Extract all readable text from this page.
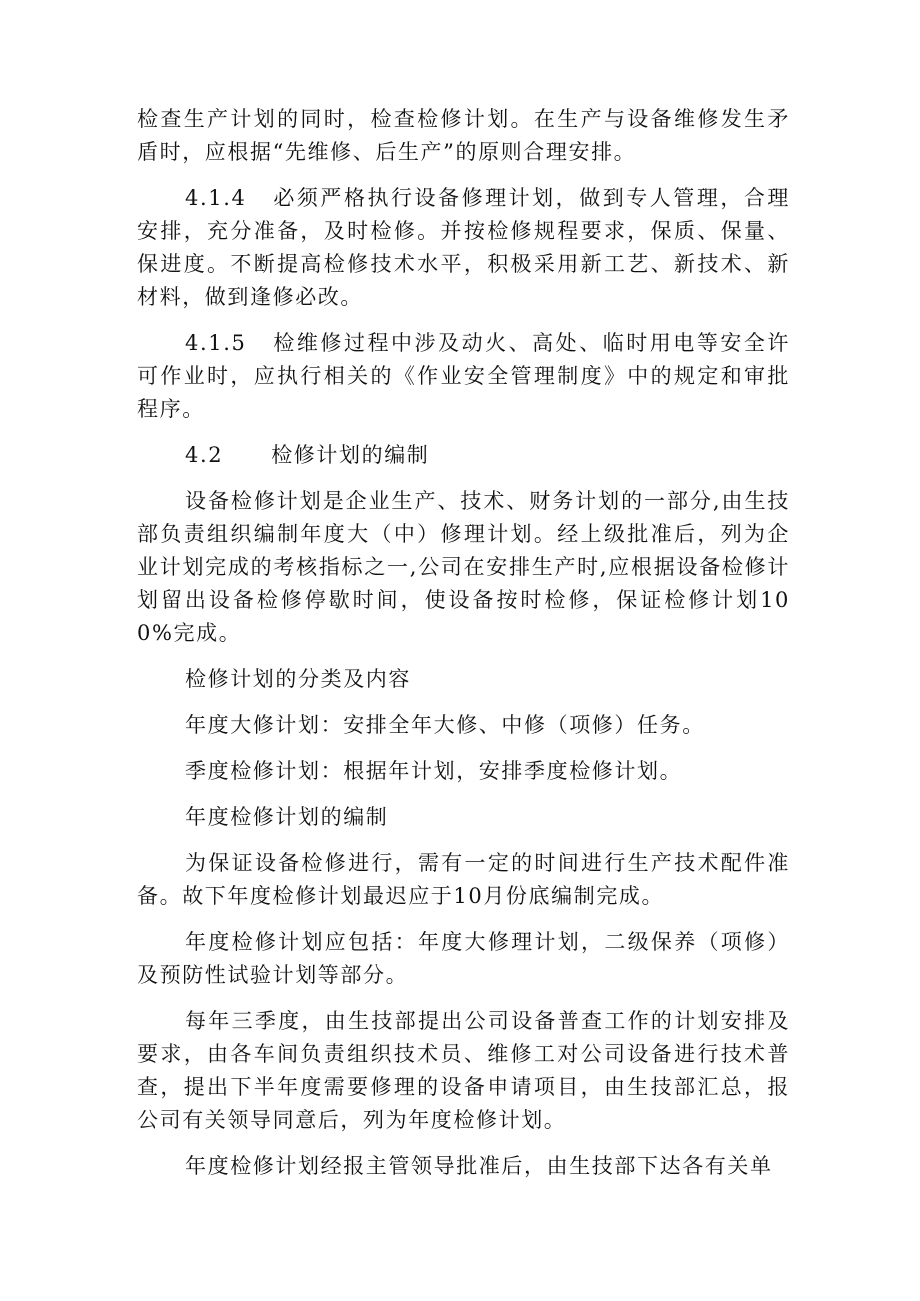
检查生产计划的同时，检查检修计划。在生产与设备维修发生矛盾时，应根据“先维修、后生产”的原则合理安排。

4.1.4 必须严格执行设备修理计划，做到专人管理，合理安排，充分准备，及时检修。并按检修规程要求，保质、保量、保进度。不断提高检修技术水平，积极采用新工艺、新技术、新材料，做到逢修必改。

4.1.5 检维修过程中涉及动火、高处、临时用电等安全许可作业时，应执行相关的《作业安全管理制度》中的规定和审批程序。

4.2 检修计划的编制

设备检修计划是企业生产、技术、财务计划的一部分,由生技部负责组织编制年度大（中）修理计划。经上级批准后，列为企业计划完成的考核指标之一,公司在安排生产时,应根据设备检修计划留出设备检修停歇时间，使设备按时检修，保证检修计划100%完成。

检修计划的分类及内容

年度大修计划：安排全年大修、中修（项修）任务。

季度检修计划：根据年计划，安排季度检修计划。

年度检修计划的编制

为保证设备检修进行，需有一定的时间进行生产技术配件准备。故下年度检修计划最迟应于10月份底编制完成。

年度检修计划应包括：年度大修理计划，二级保养（项修）及预防性试验计划等部分。

每年三季度，由生技部提出公司设备普查工作的计划安排及要求，由各车间负责组织技术员、维修工对公司设备进行技术普查，提出下半年度需要修理的设备申请项目，由生技部汇总，报公司有关领导同意后，列为年度检修计划。

年度检修计划经报主管领导批准后，由生技部下达各有关单
